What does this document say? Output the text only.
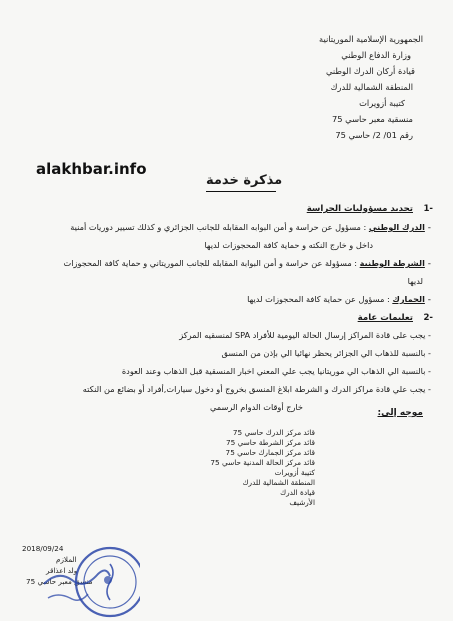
الجمهورية الإسلامية الموريتانية
وزارة الدفاع الوطني
قيادة أركان الدرك الوطني
المنطقة الشمالية للدرك
كتيبة أزويرات
منسقية معبر حاسي 75
رقم 01/ 2/ حاسي 75
alakhbar.info
مذكرة خدمة
1-
تحديد مسؤوليات الحراسة
- الدرك الوطني : مسؤول عن حراسة و أمن البوابه المقابله للجانب الجزائري و كذلك تسيير دوريات أمنية
داخل و خارج النكته و حماية كافة المحجوزات لديها
- الشرطة الوطنية : مسؤولة عن حراسة و أمن البوابة المقابله للجانب الموريتاني و حماية كافة المحجوزات
لديها
- الجمارك : مسؤول عن حماية كافة المحجوزات لديها
2-
تعليمات عامة
- يجب على قادة المراكز إرسال الحالة اليومية للأفراد SPA لمنسقيه المركز
- بالنسبة للذهاب الي الجزائر يحظر نهائيا الي بإذن من المنسق
- بالنسبة الي الذهاب الي موريتانيا يجب علي المعني اخبار المنسقية قبل الذهاب وعند العودة
- يجب علي قادة مراكز الدرك و الشرطة ابلاغ المنسق بخروج أو دخول سيارات,أفراد أو بضائع من النكته
خارج أوقات الدوام الرسمي
موجه إلى:
قائد مركز الدرك حاسي 75
قائد مركز الشرطة حاسي 75
قائد مركز الجمارك حاسي 75
قائد مركز الحالة المدنية حاسي 75
كتيبة أزويرات
المنطقة الشمالية للدرك
قيادة الدرك
الأرشيف
2018/09/24
الملازم
ولد اعذاقر
منسق معبر حاسي 75
